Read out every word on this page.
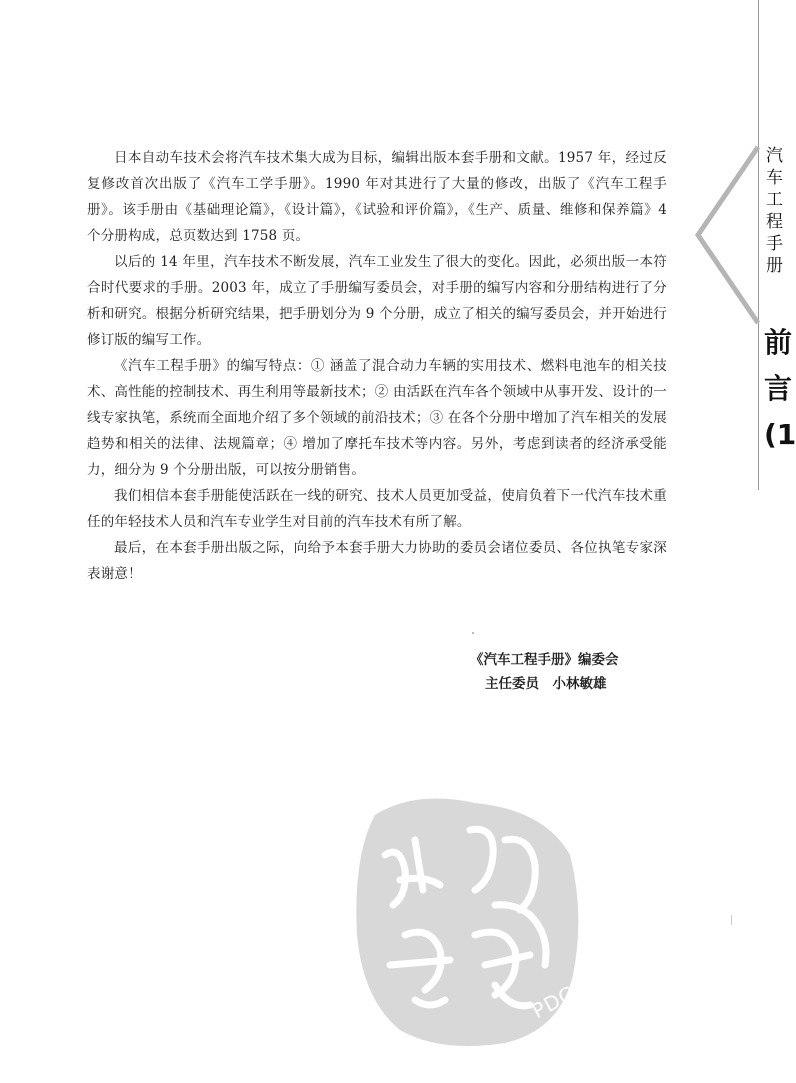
汽车工程手册
前言(1

日本自动车技术会将汽车技术集大成为目标，编辑出版本套手册和文献。1957 年，经过反复修改首次出版了《汽车工学手册》。1990 年对其进行了大量的修改，出版了《汽车工程手册》。该手册由《基础理论篇》，《设计篇》，《试验和评价篇》，《生产、质量、维修和保养篇》4 个分册构成，总页数达到 1758 页。

以后的 14 年里，汽车技术不断发展，汽车工业发生了很大的变化。因此，必须出版一本符合时代要求的手册。2003 年，成立了手册编写委员会，对手册的编写内容和分册结构进行了分析和研究。根据分析研究结果，把手册划分为 9 个分册，成立了相关的编写委员会，并开始进行修订版的编写工作。

《汽车工程手册》的编写特点：① 涵盖了混合动力车辆的实用技术、燃料电池车的相关技术、高性能的控制技术、再生利用等最新技术；② 由活跃在汽车各个领域中从事开发、设计的一线专家执笔，系统而全面地介绍了多个领域的前沿技术；③ 在各个分册中增加了汽车相关的发展趋势和相关的法律、法规篇章；④ 增加了摩托车技术等内容。另外，考虑到读者的经济承受能力，细分为 9 个分册出版，可以按分册销售。

我们相信本套手册能使活跃在一线的研究、技术人员更加受益，使肩负着下一代汽车技术重任的年轻技术人员和汽车专业学生对目前的汽车技术有所了解。

最后，在本套手册出版之际，向给予本套手册大力协助的委员会诸位委员、各位执笔专家深表谢意！

《汽车工程手册》编委会
主任委员　小林敏雄
PDG
